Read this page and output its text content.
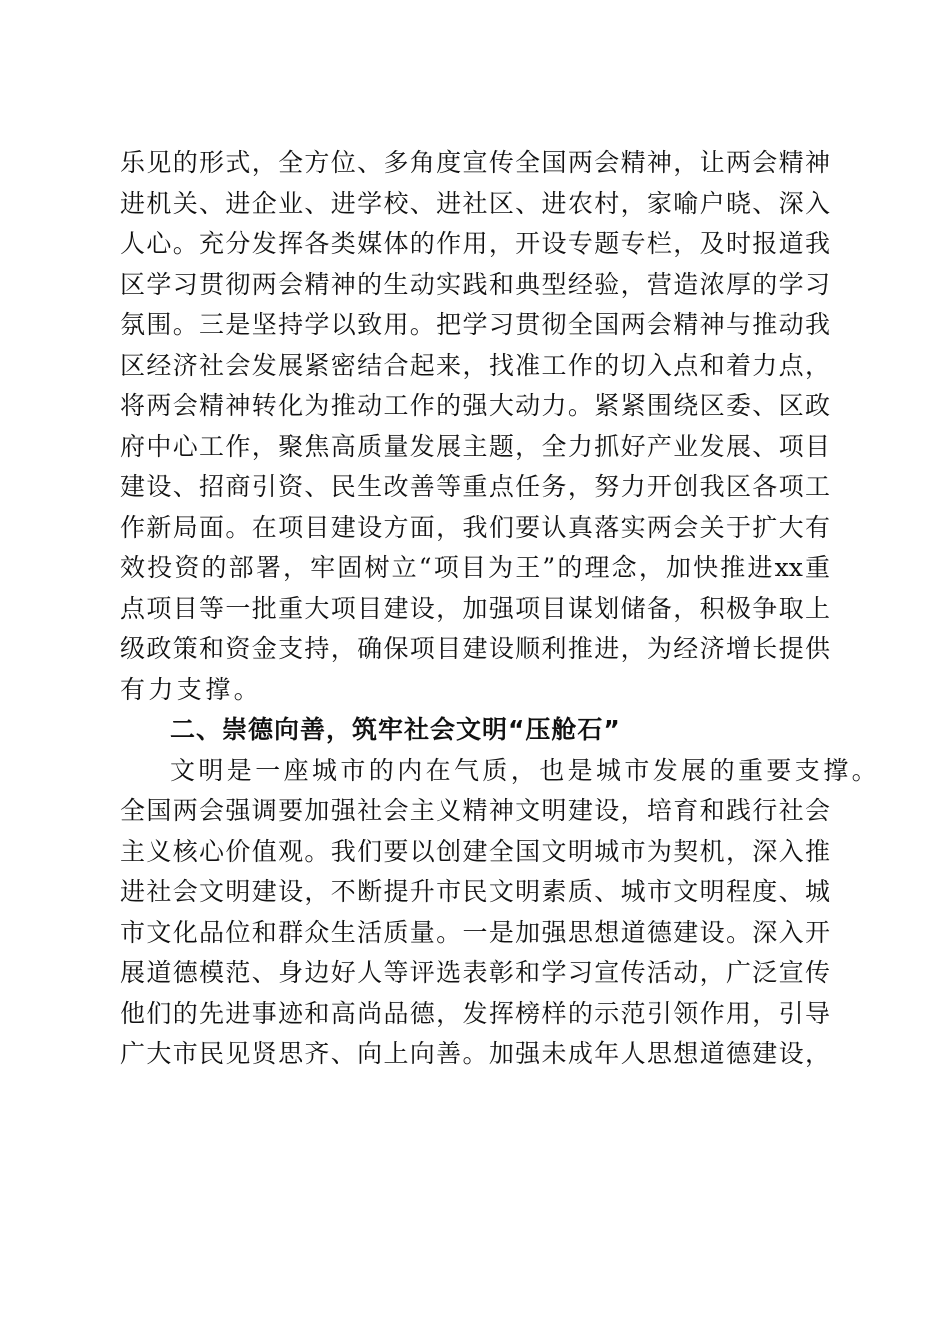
乐见的形式，全方位、多角度宣传全国两会精神，让两会精神
进机关、进企业、进学校、进社区、进农村，家喻户晓、深入
人心。充分发挥各类媒体的作用，开设专题专栏，及时报道我
区学习贯彻两会精神的生动实践和典型经验，营造浓厚的学习
氛围。三是坚持学以致用。把学习贯彻全国两会精神与推动我
区经济社会发展紧密结合起来，找准工作的切入点和着力点，
将两会精神转化为推动工作的强大动力。紧紧围绕区委、区政
府中心工作，聚焦高质量发展主题，全力抓好产业发展、项目
建设、招商引资、民生改善等重点任务，努力开创我区各项工
作新局面。在项目建设方面，我们要认真落实两会关于扩大有
效投资的部署，牢固树立“项目为王”的理念，加快推进xx重
点项目等一批重大项目建设，加强项目谋划储备，积极争取上
级政策和资金支持，确保项目建设顺利推进，为经济增长提供
有力支撑。
二、崇德向善，筑牢社会文明“压舱石”
文明是一座城市的内在气质，也是城市发展的重要支撑。
全国两会强调要加强社会主义精神文明建设，培育和践行社会
主义核心价值观。我们要以创建全国文明城市为契机，深入推
进社会文明建设，不断提升市民文明素质、城市文明程度、城
市文化品位和群众生活质量。一是加强思想道德建设。深入开
展道德模范、身边好人等评选表彰和学习宣传活动，广泛宣传
他们的先进事迹和高尚品德，发挥榜样的示范引领作用，引导
广大市民见贤思齐、向上向善。加强未成年人思想道德建设，
